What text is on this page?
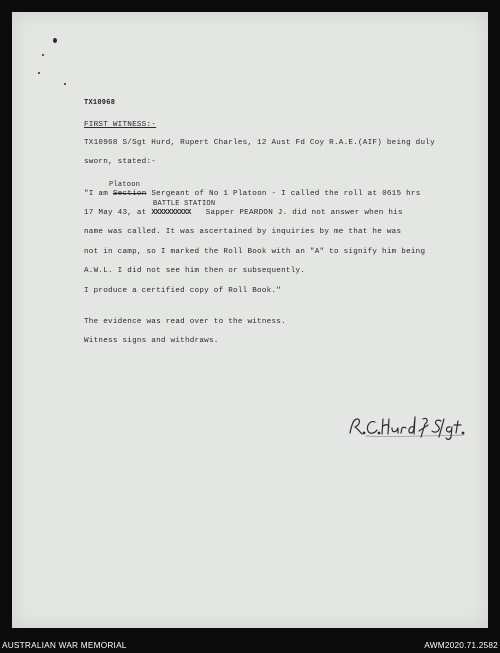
TX10968
FIRST WITNESS:-
TX10968 S/Sgt Hurd, Rupert Charles, 12 Aust Fd Coy R.A.E.(AIF) being duly
sworn, stated:-
Platoon
"I am Section Sergeant of No 1 Platoon - I called the roll at 0615 hrs
BATTLE STATION
17 May 43, at XXXXXXXXXX Sapper PEARDON J. did not answer when his
name was called. It was ascertained by inquiries by me that he was
not in camp, so I marked the Roll Book with an "A" to signify him being
A.W.L. I did not see him then or subsequently.
I produce a certified copy of Roll Book."
The evidence was read over to the witness.
Witness signs and withdraws.
AUSTRALIAN WAR MEMORIAL	AWM2020.71.2582
